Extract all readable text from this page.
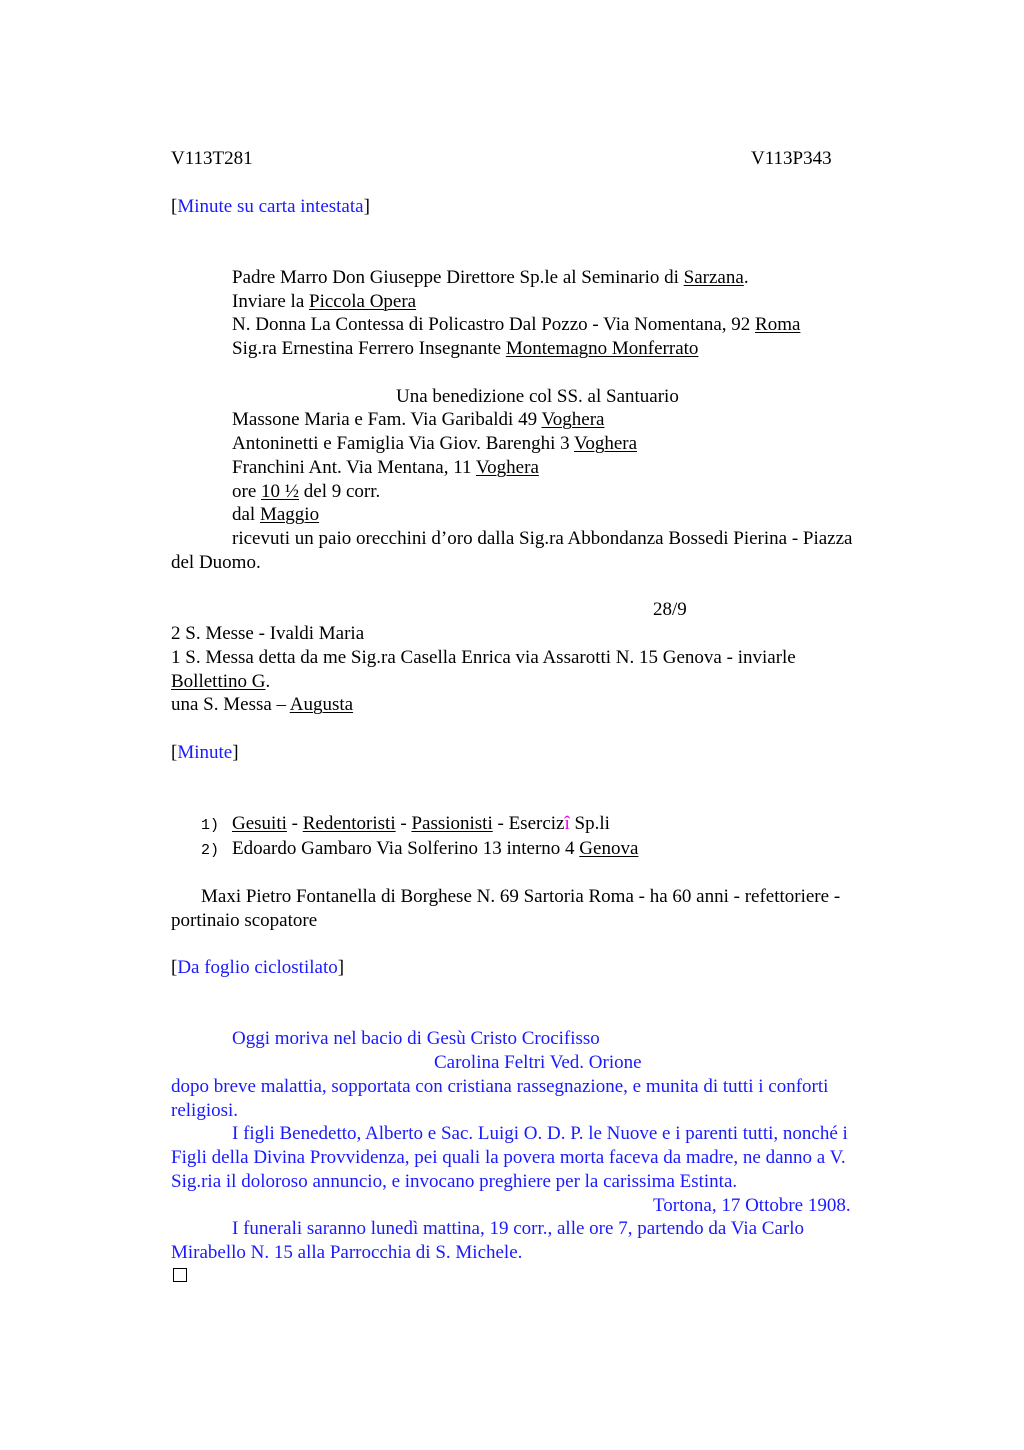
V113T281	V113P343
[Minute su carta intestata]
Padre Marro Don Giuseppe Direttore Sp.le al Seminario di Sarzana.
Inviare la Piccola Opera
N. Donna La Contessa di Policastro Dal Pozzo - Via Nomentana, 92 Roma
Sig.ra Ernestina Ferrero Insegnante Montemagno Monferrato
Una benedizione col SS. al Santuario
Massone Maria e Fam. Via Garibaldi 49 Voghera
Antoninetti e Famiglia Via Giov. Barenghi 3 Voghera
Franchini Ant. Via Mentana, 11 Voghera
ore 10 ½ del 9 corr.
dal Maggio
ricevuti un paio orecchini d’oro dalla Sig.ra Abbondanza Bossedi Pierina - Piazza
del Duomo.
28/9
2 S. Messe - Ivaldi Maria
1 S. Messa detta da me Sig.ra Casella Enrica via Assarotti N. 15 Genova - inviarle
Bollettino G.
una S. Messa – Augusta
[Minute]
1) Gesuiti - Redentoristi - Passionisti - Esercizî Sp.li
2) Edoardo Gambaro Via Solferino 13 interno 4 Genova
Maxi Pietro Fontanella di Borghese N. 69 Sartoria Roma - ha 60 anni - refettoriere -
portinaio scopatore
[Da foglio ciclostilato]
Oggi moriva nel bacio di Gesù Cristo Crocifisso
Carolina Feltri Ved. Orione
dopo breve malattia, sopportata con cristiana rassegnazione, e munita di tutti i conforti
religiosi.
I figli Benedetto, Alberto e Sac. Luigi O. D. P. le Nuove e i parenti tutti, nonché i
Figli della Divina Provvidenza, pei quali la povera morta faceva da madre, ne danno a V.
Sig.ria il doloroso annuncio, e invocano preghiere per la carissima Estinta.
Tortona, 17 Ottobre 1908.
I funerali saranno lunedì mattina, 19 corr., alle ore 7, partendo da Via Carlo
Mirabello N. 15 alla Parrocchia di S. Michele.
